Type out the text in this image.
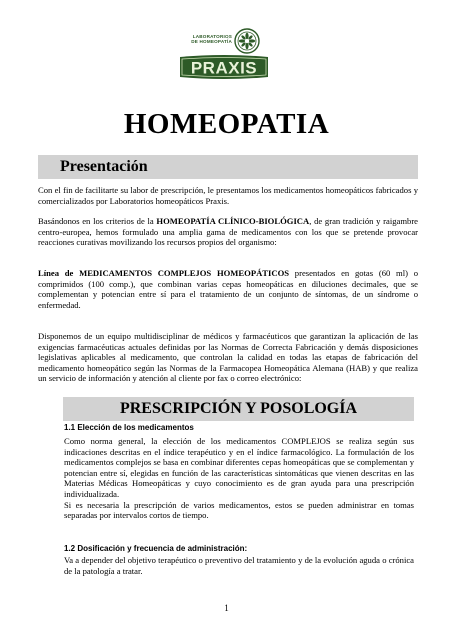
LABORATORIOS
DE HOMEOPATÍA
PRAXIS
HOMEOPATIA
Presentación

Con el fin de facilitarte su labor de prescripción, le presentamos los medicamentos homeopáticos fabricados y comercializados por Laboratorios homeopáticos Praxis.

Basándonos en los criterios de la HOMEOPATÍA CLÍNICO-BIOLÓGICA, de gran tradición y raigambre centro-europea, hemos formulado una amplia gama de medicamentos con los que se pretende provocar reacciones curativas movilizando los recursos propios del organismo:

Línea de MEDICAMENTOS COMPLEJOS HOMEOPÁTICOS presentados en gotas (60 ml) o comprimidos (100 comp.), que combinan varias cepas homeopáticas en diluciones decimales, que se complementan y potencian entre sí para el tratamiento de un conjunto de síntomas, de un síndrome o enfermedad.

Disponemos de un equipo multidisciplinar de médicos y farmacéuticos que garantizan la aplicación de las exigencias farmacéuticas actuales definidas por las Normas de Correcta Fabricación y demás disposiciones legislativas aplicables al medicamento, que controlan la calidad en todas las etapas de fabricación del medicamento homeopático según las Normas de la Farmacopea Homeopática Alemana (HAB) y que realiza un servicio de información y atención al cliente por fax o correo electrónico:

PRESCRIPCIÓN Y POSOLOGÍA
1.1 Elección de los medicamentos

Como norma general, la elección de los medicamentos COMPLEJOS se realiza según sus indicaciones descritas en el índice terapéutico y en el índice farmacológico. La formulación de los medicamentos complejos se basa en combinar diferentes cepas homeopáticas que se complementan y potencian entre sí, elegidas en función de las características sintomáticas que vienen descritas en las Materias Médicas Homeopáticas y cuyo conocimiento es de gran ayuda para una prescripción individualizada.
Si es necesaria la prescripción de varios medicamentos, estos se pueden administrar en tomas separadas por intervalos cortos de tiempo.

1.2 Dosificación y frecuencia de administración:

Va a depender del objetivo terapéutico o preventivo del tratamiento y de la evolución aguda o crónica de la patología a tratar.

1
